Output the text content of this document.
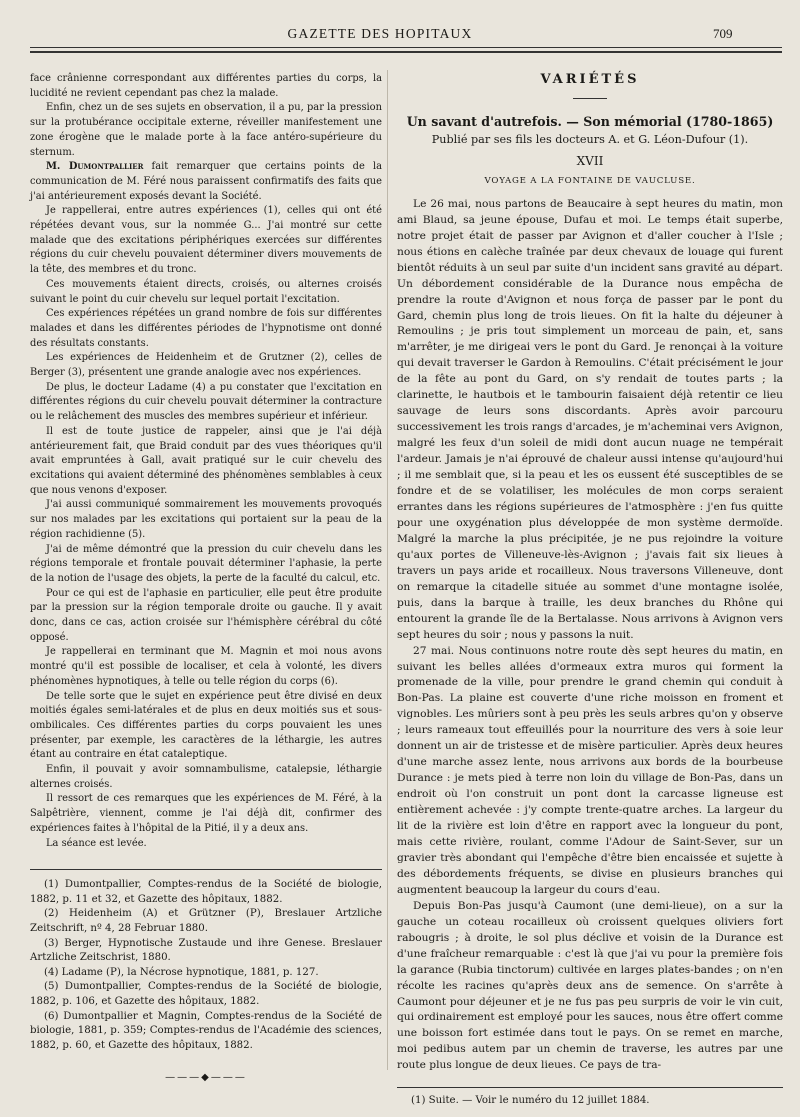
GAZETTE DES HOPITAUX	709

face crânienne correspondant aux différentes parties du corps, la lucidité ne revient cependant pas chez la malade.

Enfin, chez un de ses sujets en observation, il a pu, par la pression sur la protubérance occipitale externe, réveiller manifestement une zone érogène que le malade porte à la face antéro-supérieure du sternum.

M. Dumontpallier fait remarquer que certains points de la communication de M. Féré nous paraissent confirmatifs des faits que j'ai antérieurement exposés devant la Société.

Je rappellerai, entre autres expériences (1), celles qui ont été répétées devant vous, sur la nommée G... J'ai montré sur cette malade que des excitations périphériques exercées sur différentes régions du cuir chevelu pouvaient déterminer divers mouvements de la tête, des membres et du tronc.

Ces mouvements étaient directs, croisés, ou alternes croisés suivant le point du cuir chevelu sur lequel portait l'excitation.

Ces expériences répétées un grand nombre de fois sur différentes malades et dans les différentes périodes de l'hypnotisme ont donné des résultats constants.

Les expériences de Heidenheim et de Grutzner (2), celles de Berger (3), présentent une grande analogie avec nos expériences.

De plus, le docteur Ladame (4) a pu constater que l'excitation en différentes régions du cuir chevelu pouvait déterminer la contracture ou le relâchement des muscles des membres supérieur et inférieur.

Il est de toute justice de rappeler, ainsi que je l'ai déjà antérieurement fait, que Braid conduit par des vues théoriques qu'il avait empruntées à Gall, avait pratiqué sur le cuir chevelu des excitations qui avaient déterminé des phénomènes semblables à ceux que nous venons d'exposer.

J'ai aussi communiqué sommairement les mouvements provoqués sur nos malades par les excitations qui portaient sur la peau de la région rachidienne (5).

J'ai de même démontré que la pression du cuir chevelu dans les régions temporale et frontale pouvait déterminer l'aphasie, la perte de la notion de l'usage des objets, la perte de la faculté du calcul, etc.

Pour ce qui est de l'aphasie en particulier, elle peut être produite par la pression sur la région temporale droite ou gauche. Il y avait donc, dans ce cas, action croisée sur l'hémisphère cérébral du côté opposé.

Je rappellerai en terminant que M. Magnin et moi nous avons montré qu'il est possible de localiser, et cela à volonté, les divers phénomènes hypnotiques, à telle ou telle région du corps (6).

De telle sorte que le sujet en expérience peut être divisé en deux moitiés égales semi-latérales et de plus en deux moitiés sus et sous-ombilicales. Ces différentes parties du corps pouvaient les unes présenter, par exemple, les caractères de la léthargie, les autres étant au contraire en état cataleptique.

Enfin, il pouvait y avoir somnambulisme, catalepsie, léthargie alternes croisés.

Il ressort de ces remarques que les expériences de M. Féré, à la Salpêtrière, viennent, comme je l'ai déjà dit, confirmer des expériences faites à l'hôpital de la Pitié, il y a deux ans.

La séance est levée.

(1) Dumontpallier, Comptes-rendus de la Société de biologie, 1882, p. 11 et 32, et Gazette des hôpitaux, 1882.

(2) Heidenheim (A) et Grützner (P), Breslauer Artzliche Zeitschrift, nº 4, 28 Februar 1880.

(3) Berger, Hypnotische Zustaude und ihre Genese. Breslauer Artzliche Zeitschrist, 1880.

(4) Ladame (P), la Nécrose hypnotique, 1881, p. 127.

(5) Dumontpallier, Comptes-rendus de la Société de biologie, 1882, p. 106, et Gazette des hôpitaux, 1882.

(6) Dumontpallier et Magnin, Comptes-rendus de la Société de biologie, 1881, p. 359; Comptes-rendus de l'Académie des sciences, 1882, p. 60, et Gazette des hôpitaux, 1882.

———◆———
VARIÉTÉS
Un savant d'autrefois. — Son mémorial (1780-1865)
Publié par ses fils les docteurs A. et G. Léon-Dufour (1).
XVII
VOYAGE A LA FONTAINE DE VAUCLUSE.

Le 26 mai, nous partons de Beaucaire à sept heures du matin, mon ami Blaud, sa jeune épouse, Dufau et moi. Le temps était superbe, notre projet était de passer par Avignon et d'aller coucher à l'Isle ; nous étions en calèche traînée par deux chevaux de louage qui furent bientôt réduits à un seul par suite d'un incident sans gravité au départ. Un débordement considérable de la Durance nous empêcha de prendre la route d'Avignon et nous força de passer par le pont du Gard, chemin plus long de trois lieues. On fit la halte du déjeuner à Remoulins ; je pris tout simplement un morceau de pain, et, sans m'arrêter, je me dirigeai vers le pont du Gard. Je renonçai à la voiture qui devait traverser le Gardon à Remoulins. C'était précisément le jour de la fête au pont du Gard, on s'y rendait de toutes parts ; la clarinette, le hautbois et le tambourin faisaient déjà retentir ce lieu sauvage de leurs sons discordants. Après avoir parcouru successivement les trois rangs d'arcades, je m'acheminai vers Avignon, malgré les feux d'un soleil de midi dont aucun nuage ne tempérait l'ardeur. Jamais je n'ai éprouvé de chaleur aussi intense qu'aujourd'hui ; il me semblait que, si la peau et les os eussent été susceptibles de se fondre et de se volatiliser, les molécules de mon corps seraient errantes dans les régions supérieures de l'atmosphère : j'en fus quitte pour une oxygénation plus développée de mon système dermoïde. Malgré la marche la plus précipitée, je ne pus rejoindre la voiture qu'aux portes de Villeneuve-lès-Avignon ; j'avais fait six lieues à travers un pays aride et rocailleux. Nous traversons Villeneuve, dont on remarque la citadelle située au sommet d'une montagne isolée, puis, dans la barque à traille, les deux branches du Rhône qui entourent la grande île de la Bertalasse. Nous arrivons à Avignon vers sept heures du soir ; nous y passons la nuit.

27 mai. Nous continuons notre route dès sept heures du matin, en suivant les belles allées d'ormeaux extra muros qui forment la promenade de la ville, pour prendre le grand chemin qui conduit à Bon-Pas. La plaine est couverte d'une riche moisson en froment et vignobles. Les mûriers sont à peu près les seuls arbres qu'on y observe ; leurs rameaux tout effeuillés pour la nourriture des vers à soie leur donnent un air de tristesse et de misère particulier. Après deux heures d'une marche assez lente, nous arrivons aux bords de la bourbeuse Durance : je mets pied à terre non loin du village de Bon-Pas, dans un endroit où l'on construit un pont dont la carcasse ligneuse est entièrement achevée : j'y compte trente-quatre arches. La largeur du lit de la rivière est loin d'être en rapport avec la longueur du pont, mais cette rivière, roulant, comme l'Adour de Saint-Sever, sur un gravier très abondant qui l'empêche d'être bien encaissée et sujette à des débordements fréquents, se divise en plusieurs branches qui augmentent beaucoup la largeur du cours d'eau.

Depuis Bon-Pas jusqu'à Caumont (une demi-lieue), on a sur la gauche un coteau rocailleux où croissent quelques oliviers fort rabougris ; à droite, le sol plus déclive et voisin de la Durance est d'une fraîcheur remarquable : c'est là que j'ai vu pour la première fois la garance (Rubia tinctorum) cultivée en larges plates-bandes ; on n'en récolte les racines qu'après deux ans de semence. On s'arrête à Caumont pour déjeuner et je ne fus pas peu surpris de voir le vin cuit, qui ordinairement est employé pour les sauces, nous être offert comme une boisson fort estimée dans tout le pays. On se remet en marche, moi pedibus autem par un chemin de traverse, les autres par une route plus longue de deux lieues. Ce pays de tra-

(1) Suite. — Voir le numéro du 12 juillet 1884.
